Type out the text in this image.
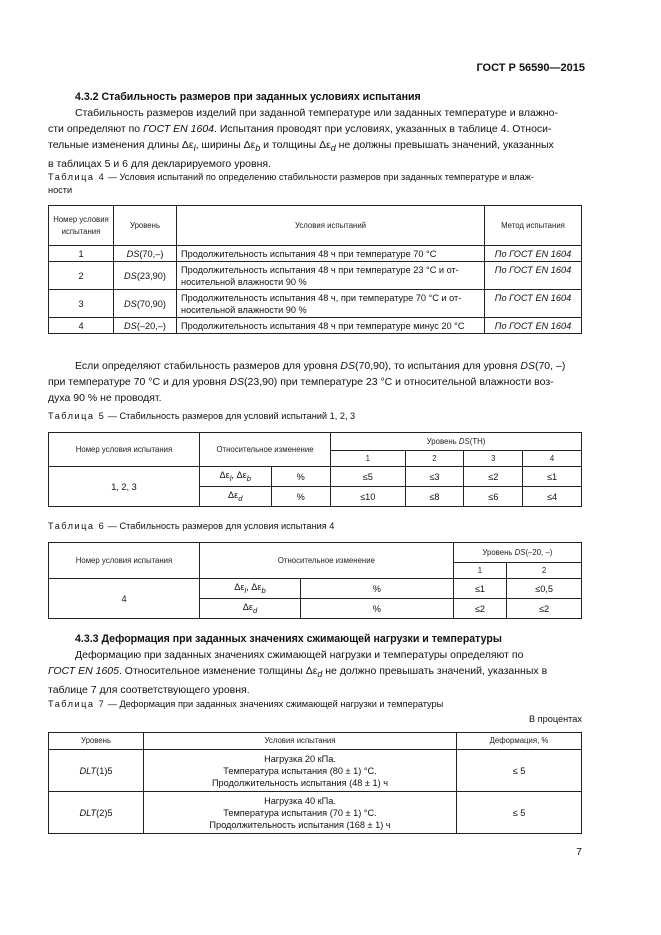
ГОСТ Р 56590—2015
4.3.2 Стабильность размеров при заданных условиях испытания
Стабильность размеров изделий при заданной температуре или заданных температуре и влажно-
сти определяют по ГОСТ EN 1604. Испытания проводят при условиях, указанных в таблице 4. Относи-
тельные изменения длины $\Delta\varepsilon_l$, ширины $\Delta\varepsilon_b$ и толщины $\Delta\varepsilon_d$ не должны превышать значений, указанных
в таблицах 5 и 6 для декларируемого уровня.
Таблица 4 — Условия испытаний по определению стабильности размеров при заданных температуре и влаж-
ности
Номер условия испытания	Уровень	Условия испытаний	Метод испытания
1	DS(70,–)	Продолжительность испытания 48 ч при температуре 70 °С	По ГОСТ EN 1604
2	DS(23,90)	Продолжительность испытания 48 ч при температуре 23 °С и от-
носительной влажности 90 %	По ГОСТ EN 1604
3	DS(70,90)	Продолжительность испытания 48 ч, при температуре 70 °С и от-
носительной влажности 90 %	По ГОСТ EN 1604
4	DS(–20,–)	Продолжительность испытания 48 ч при температуре минус 20 °С	По ГОСТ EN 1604
Если определяют стабильность размеров для уровня DS(70,90), то испытания для уровня DS(70, –)
при температуре 70 °С и для уровня DS(23,90) при температуре 23 °С и относительной влажности воз-
духа 90 % не проводят.
Таблица 5 — Стабильность размеров для условий испытаний 1, 2, 3
Номер условия испытания	Относительное изменение		Уровень DS(TH)			
			1	2	3	4
1, 2, 3	$\Delta\varepsilon_l$, $\Delta\varepsilon_b$	%	≤5	≤3	≤2	≤1
	$\Delta\varepsilon_d$	%	≤10	≤8	≤6	≤4
Таблица 6 — Стабильность размеров для условия испытания 4
Номер условия испытания	Относительное изменение		Уровень DS(–20, –)	
			1	2
4	$\Delta\varepsilon_l$, $\Delta\varepsilon_b$	%	≤1	≤0,5
	$\Delta\varepsilon_d$	%	≤2	≤2
4.3.3 Деформация при заданных значениях сжимающей нагрузки и температуры
Деформацию при заданных значениях сжимающей нагрузки и температуры определяют по
ГОСТ EN 1605. Относительное изменение толщины $\Delta\varepsilon_d$ не должно превышать значений, указанных в
таблице 7 для соответствующего уровня.
Таблица 7 — Деформация при заданных значениях сжимающей нагрузки и температуры
В процентах
Уровень	Условия испытания	Деформация, %
DLT(1)5	Нагрузка 20 кПа.
Температура испытания (80 ± 1) °С.
Продолжительность испытания (48 ± 1) ч	≤ 5
DLT(2)5	Нагрузка 40 кПа.
Температура испытания (70 ± 1) °С.
Продолжительность испытания (168 ± 1) ч	≤ 5
7
